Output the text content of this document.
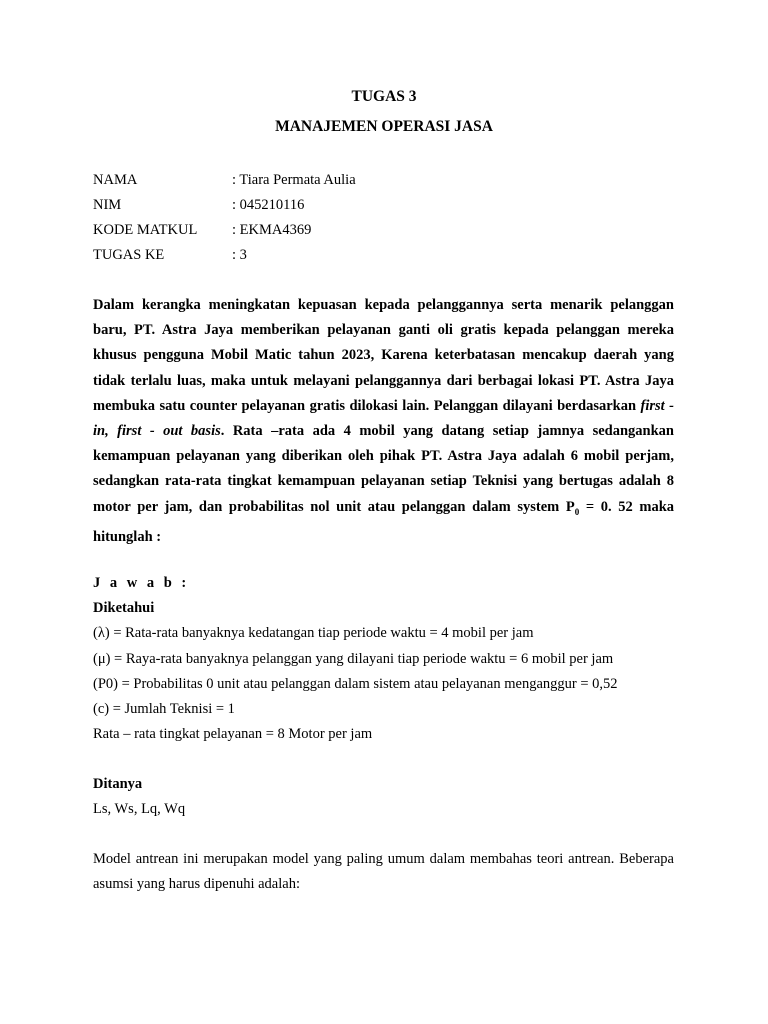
TUGAS 3
MANAJEMEN OPERASI JASA
NAMA	: Tiara Permata Aulia
NIM	: 045210116
KODE MATKUL	: EKMA4369
TUGAS KE	: 3
Dalam kerangka meningkatan kepuasan kepada pelanggannya serta menarik pelanggan baru, PT. Astra Jaya memberikan pelayanan ganti oli gratis kepada pelanggan mereka khusus pengguna Mobil Matic tahun 2023, Karena keterbatasan mencakup daerah yang tidak terlalu luas, maka untuk melayani pelanggannya dari berbagai lokasi PT. Astra Jaya membuka satu counter pelayanan gratis dilokasi lain. Pelanggan dilayani berdasarkan first - in, first - out basis. Rata –rata ada 4 mobil yang datang setiap jamnya sedangankan kemampuan pelayanan yang diberikan oleh pihak PT. Astra Jaya adalah 6 mobil perjam, sedangkan rata-rata tingkat kemampuan pelayanan setiap Teknisi yang bertugas adalah 8 motor per jam, dan probabilitas nol unit atau pelanggan dalam system $P_0 = 0$. 52 maka hitunglah :
J a w a b :
Diketahui
(λ) = Rata-rata banyaknya kedatangan tiap periode waktu = 4 mobil per jam
(μ) = Raya-rata banyaknya pelanggan yang dilayani tiap periode waktu = 6 mobil per jam
(P0) = Probabilitas 0 unit atau pelanggan dalam sistem atau pelayanan menganggur = 0,52
(c) = Jumlah Teknisi = 1
Rata – rata tingkat pelayanan = 8 Motor per jam
Ditanya
Ls, Ws, Lq, Wq
Model antrean ini merupakan model yang paling umum dalam membahas teori antrean. Beberapa asumsi yang harus dipenuhi adalah:
